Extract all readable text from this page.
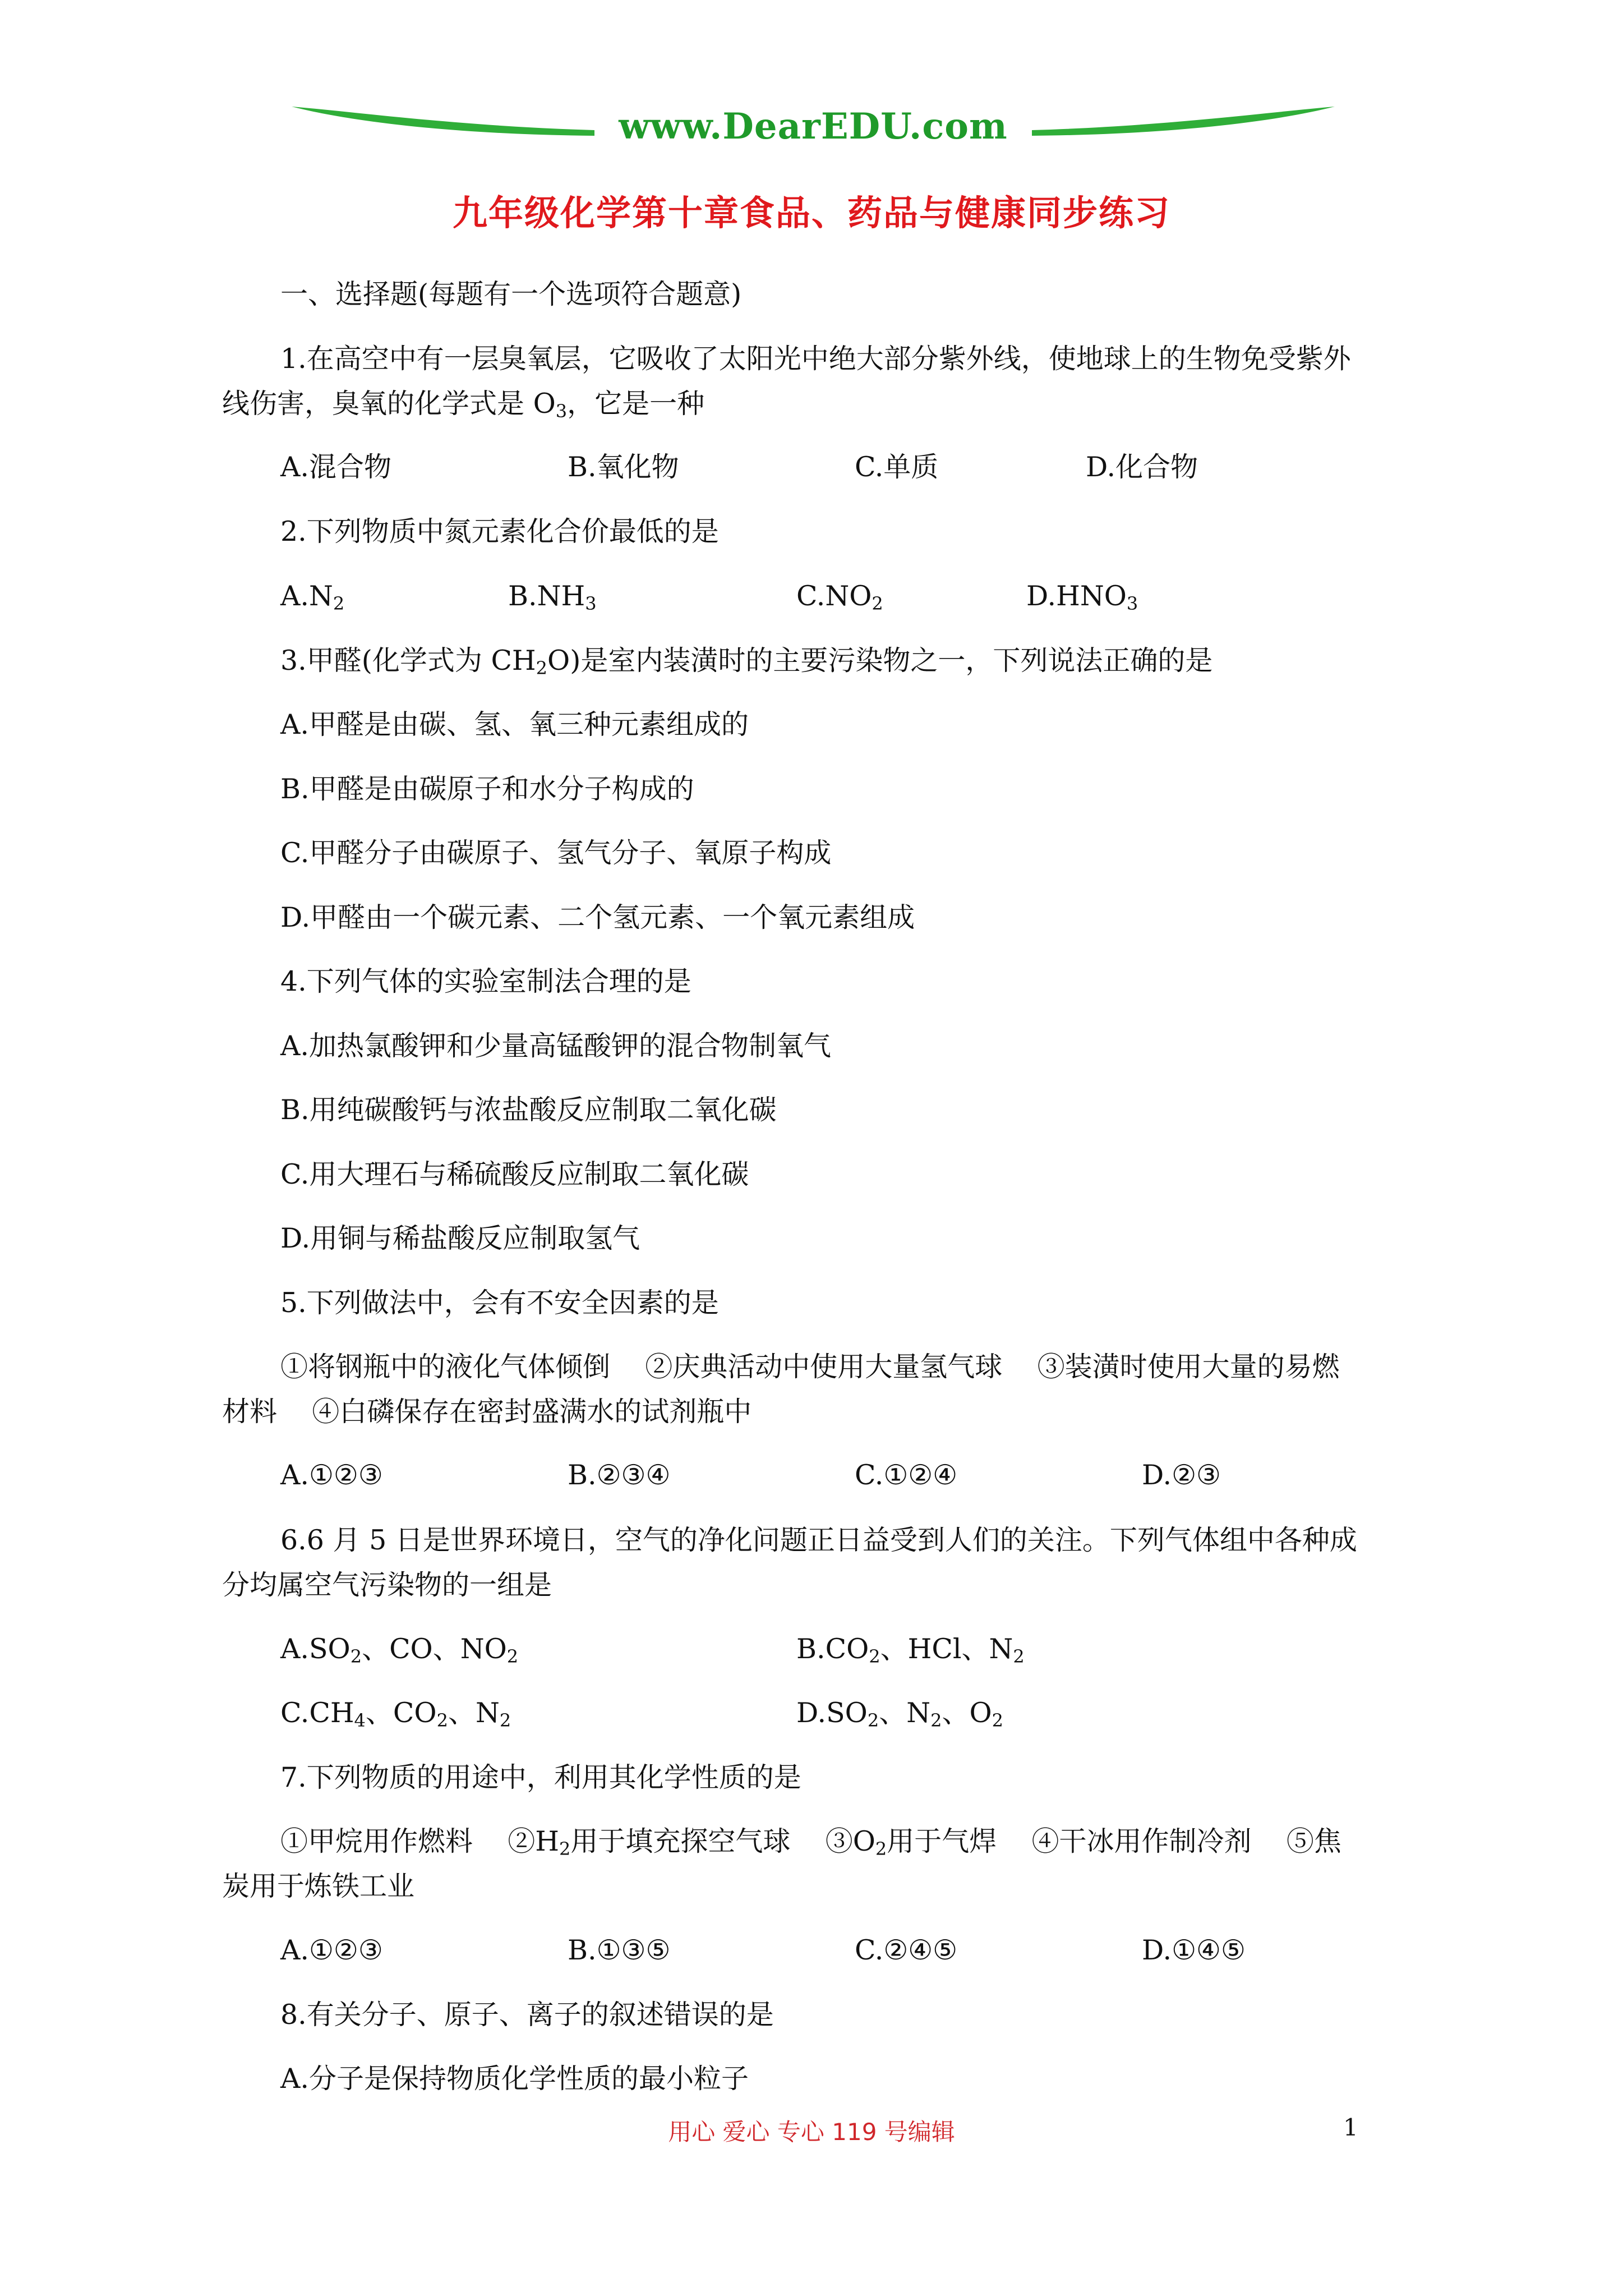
www.DearEDU.com
九年级化学第十章食品、药品与健康同步练习
一、选择题(每题有一个选项符合题意)
1.在高空中有一层臭氧层，它吸收了太阳光中绝大部分紫外线，使地球上的生物免受紫外
线伤害，臭氧的化学式是 $O_3$，它是一种
A.混合物	B.氧化物	C.单质	D.化合物
2.下列物质中氮元素化合价最低的是
$A.N_2$	$B.NH_3$	$C.NO_2$	$D.HNO_3$
3.甲醛(化学式为 $CH_2O$)是室内装潢时的主要污染物之一，下列说法正确的是
A.甲醛是由碳、氢、氧三种元素组成的
B.甲醛是由碳原子和水分子构成的
C.甲醛分子由碳原子、氢气分子、氧原子构成
D.甲醛由一个碳元素、二个氢元素、一个氧元素组成
4.下列气体的实验室制法合理的是
A.加热氯酸钾和少量高锰酸钾的混合物制氧气
B.用纯碳酸钙与浓盐酸反应制取二氧化碳
C.用大理石与稀硫酸反应制取二氧化碳
D.用铜与稀盐酸反应制取氢气
5.下列做法中，会有不安全因素的是
①将钢瓶中的液化气体倾倒    ②庆典活动中使用大量氢气球    ③装潢时使用大量的易燃
材料    ④白磷保存在密封盛满水的试剂瓶中
A.①②③	B.②③④	C.①②④	D.②③
6.6 月 5 日是世界环境日，空气的净化问题正日益受到人们的关注。下列气体组中各种成
分均属空气污染物的一组是
$A.SO_2$、CO、$NO_2$	$B.CO_2$、HCl、$N_2$
$C.CH_4$、$CO_2$、$N_2$	$D.SO_2$、$N_2$、$O_2$
7.下列物质的用途中，利用其化学性质的是
①甲烷用作燃料    $②H_2$用于填充探空气球    $③O_2$用于气焊    ④干冰用作制冷剂    ⑤焦
炭用于炼铁工业
A.①②③	B.①③⑤	C.②④⑤	D.①④⑤
8.有关分子、原子、离子的叙述错误的是
A.分子是保持物质化学性质的最小粒子
用心 爱心 专心 119 号编辑	1
